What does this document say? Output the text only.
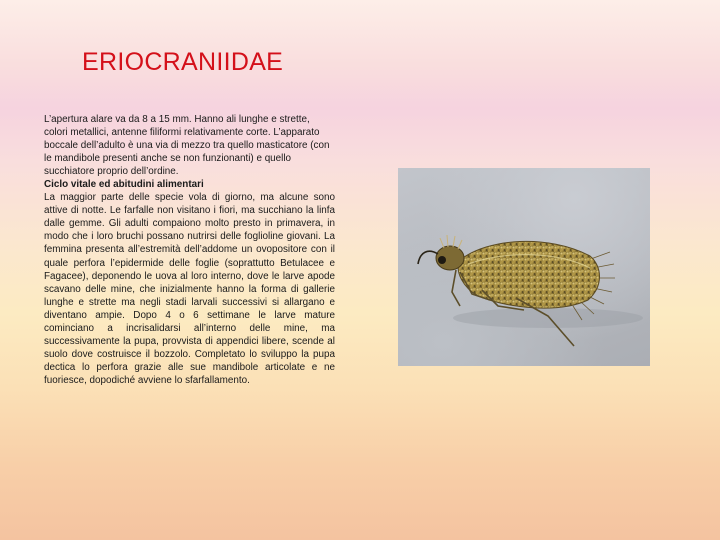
ERIOCRANIIDAE

L’apertura alare va da 8 a 15 mm. Hanno ali lunghe e strette, colori metallici, antenne filiformi relativamente corte. L’apparato boccale dell’adulto è una via di mezzo tra quello masticatore (con le mandibole presenti anche se non funzionanti) e quello succhiatore proprio dell’ordine.

Ciclo vitale ed abitudini alimentari

La maggior parte delle specie vola di giorno, ma alcune sono attive di notte. Le farfalle non visitano i fiori, ma succhiano la linfa dalle gemme. Gli adulti compaiono molto presto in primavera, in modo che i loro bruchi possano nutrirsi delle foglioline giovani. La femmina presenta all’estremità dell’addome un ovopositore con il quale perfora l’epidermide delle foglie (soprattutto Betulacee e Fagacee), deponendo le uova al loro interno, dove le larve apode scavano delle mine, che inizialmente hanno la forma di gallerie lunghe e strette ma negli stadi larvali successivi si allargano e diventano ampie. Dopo 4 o 6 settimane le larve mature cominciano a incrisalidarsi all’interno delle mine, ma successivamente la pupa, provvista di appendici libere, scende al suolo dove costruisce il bozzolo. Completato lo sviluppo la pupa dectica lo perfora grazie alle sue mandibole articolate e ne fuoriesce, dopodiché avviene lo sfarfallamento.
